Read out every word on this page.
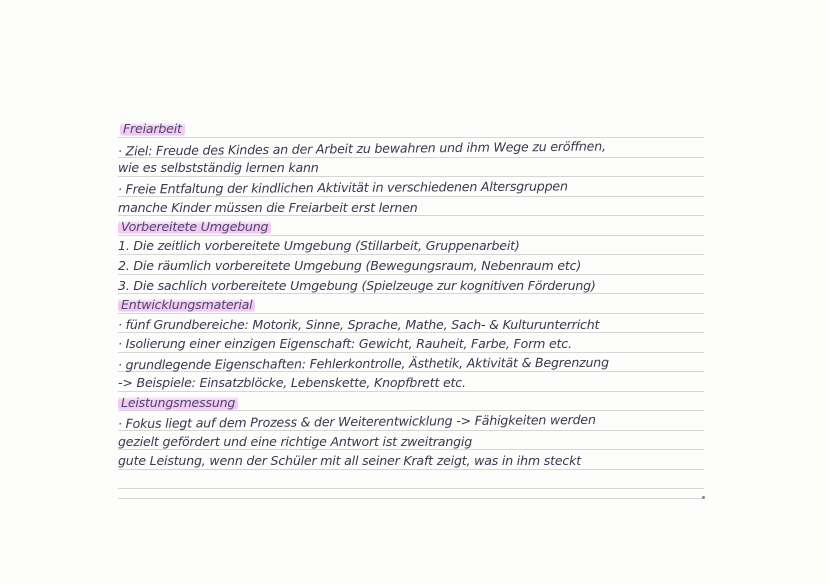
Freiarbeit
· Ziel: Freude des Kindes an der Arbeit zu bewahren und ihm Wege zu eröffnen,
wie es selbstständig lernen kann
· Freie Entfaltung der kindlichen Aktivität in verschiedenen Altersgruppen
manche Kinder müssen die Freiarbeit erst lernen
Vorbereitete Umgebung
1. Die zeitlich vorbereitete Umgebung (Stillarbeit, Gruppenarbeit)
2. Die räumlich vorbereitete Umgebung (Bewegungsraum, Nebenraum etc)
3. Die sachlich vorbereitete Umgebung (Spielzeuge zur kognitiven Förderung)
Entwicklungsmaterial
· fünf Grundbereiche: Motorik, Sinne, Sprache, Mathe, Sach- & Kulturunterricht
· Isolierung einer einzigen Eigenschaft: Gewicht, Rauheit, Farbe, Form etc.
· grundlegende Eigenschaften: Fehlerkontrolle, Ästhetik, Aktivität & Begrenzung
-> Beispiele: Einsatzblöcke, Lebenskette, Knopfbrett etc.
Leistungsmessung
· Fokus liegt auf dem Prozess & der Weiterentwicklung -> Fähigkeiten werden
gezielt gefördert und eine richtige Antwort ist zweitrangig
gute Leistung, wenn der Schüler mit all seiner Kraft zeigt, was in ihm steckt
